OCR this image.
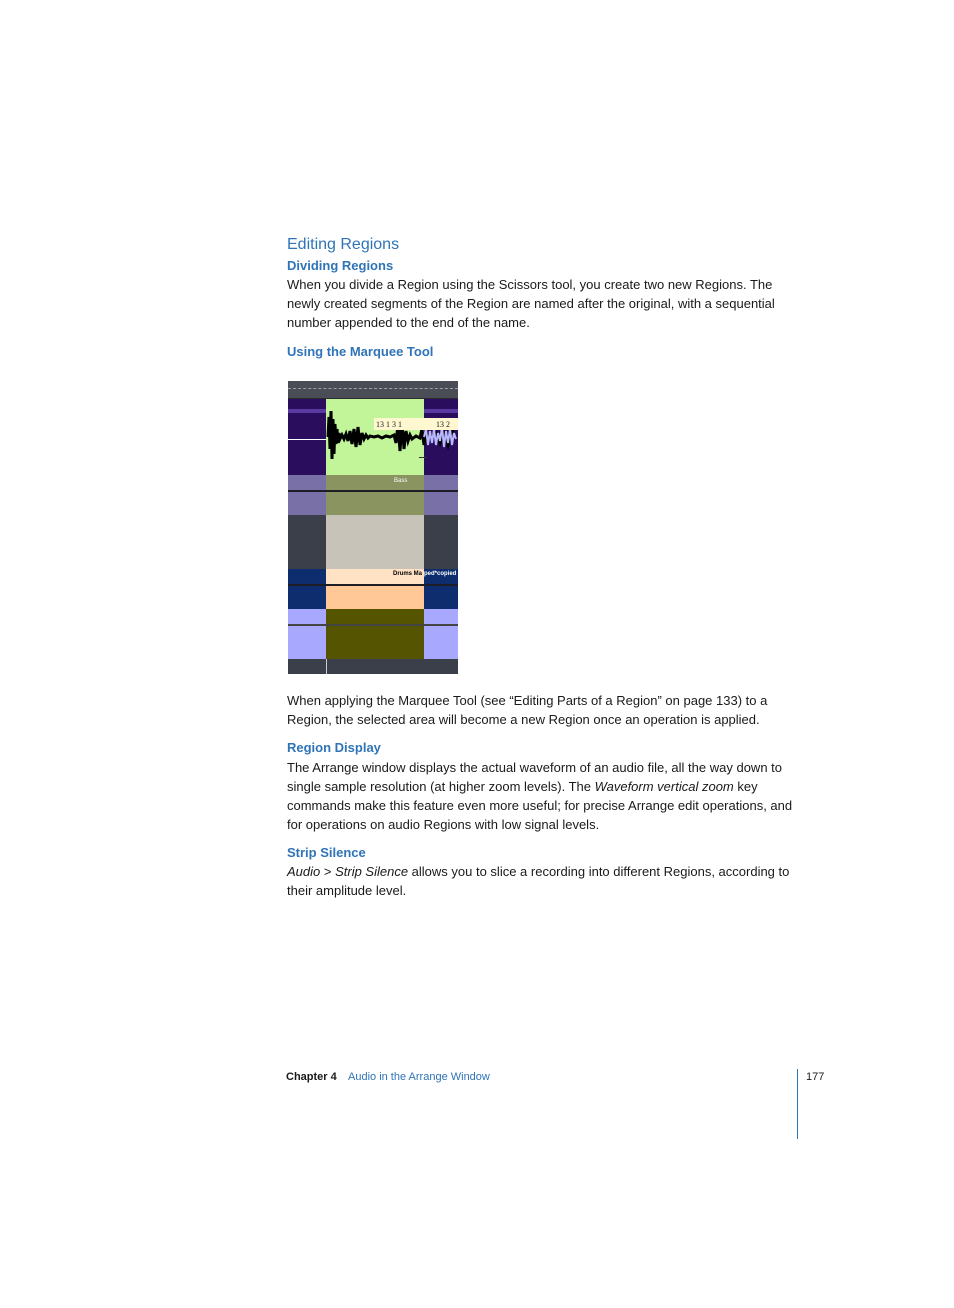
Editing Regions
Dividing Regions

When you divide a Region using the Scissors tool, you create two new Regions. The newly created segments of the Region are named after the original, with a sequential number appended to the end of the name.

Using the Marquee Tool
13 1 3 1	13 2
Bass
Drums Ma ped*copied

When applying the Marquee Tool (see “Editing Parts of a Region” on page 133) to a
Region, the selected area will become a new Region once an operation is applied.

Region Display

The Arrange window displays the actual waveform of an audio file, all the way down to single sample resolution (at higher zoom levels). The Waveform vertical zoom key commands make this feature even more useful; for precise Arrange edit operations, and for operations on audio Regions with low signal levels.

Strip Silence

Audio > Strip Silence allows you to slice a recording into different Regions, according to their amplitude level.

Chapter 4 Audio in the Arrange Window	177
